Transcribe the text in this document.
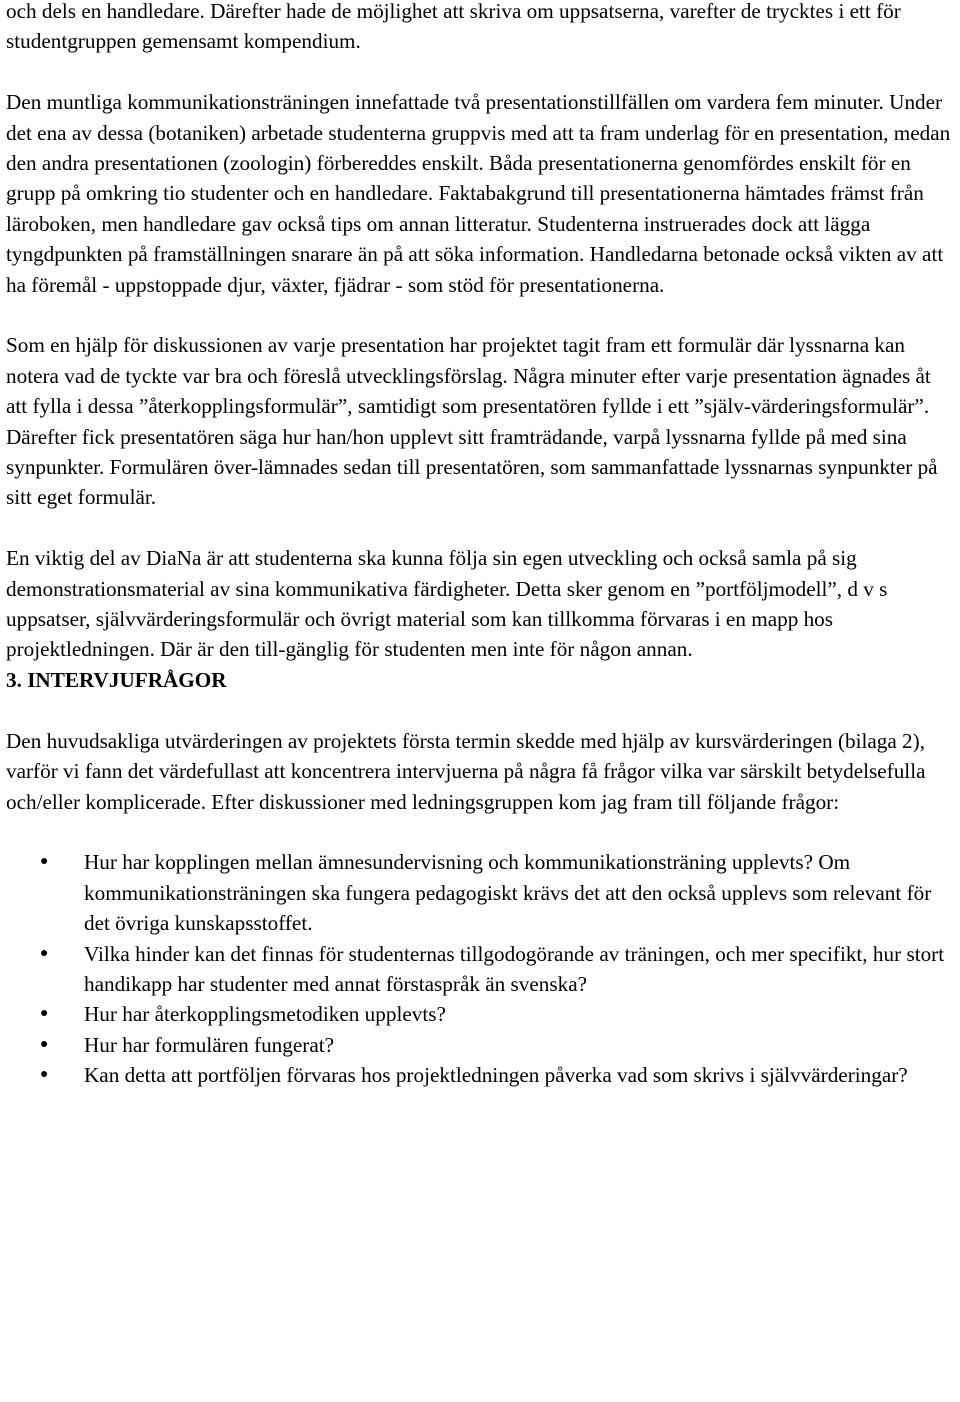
och dels en handledare. Därefter hade de möjlighet att skriva om uppsatserna, varefter de trycktes i ett för studentgruppen gemensamt kompendium.

Den muntliga kommunikationsträningen innefattade två presentationstillfällen om vardera fem minuter. Under det ena av dessa (botaniken) arbetade studenterna gruppvis med att ta fram underlag för en presentation, medan den andra presentationen (zoologin) förbereddes enskilt. Båda presentationerna genomfördes enskilt för en grupp på omkring tio studenter och en handledare. Faktabakgrund till presentationerna hämtades främst från läroboken, men handledare gav också tips om annan litteratur. Studenterna instruerades dock att lägga tyngdpunkten på framställningen snarare än på att söka information. Handledarna betonade också vikten av att ha föremål - uppstoppade djur, växter, fjädrar - som stöd för presentationerna.

Som en hjälp för diskussionen av varje presentation har projektet tagit fram ett formulär där lyssnarna kan notera vad de tyckte var bra och föreslå utvecklingsförslag. Några minuter efter varje presentation ägnades åt att fylla i dessa ”återkopplingsformulär”, samtidigt som presentatören fyllde i ett ”själv-värderingsformulär”. Därefter fick presentatören säga hur han/hon upplevt sitt framträdande, varpå lyssnarna fyllde på med sina synpunkter. Formulären över-lämnades sedan till presentatören, som sammanfattade lyssnarnas synpunkter på sitt eget formulär.

En viktig del av DiaNa är att studenterna ska kunna följa sin egen utveckling och också samla på sig demonstrationsmaterial av sina kommunikativa färdigheter. Detta sker genom en ”portföljmodell”, d v s uppsatser, självvärderingsformulär och övrigt material som kan tillkomma förvaras i en mapp hos projektledningen. Där är den till-gänglig för studenten men inte för någon annan.

3. INTERVJUFRÅGOR

Den huvudsakliga utvärderingen av projektets första termin skedde med hjälp av kursvärderingen (bilaga 2), varför vi fann det värdefullast att koncentrera intervjuerna på några få frågor vilka var särskilt betydelsefulla och/eller komplicerade. Efter diskussioner med ledningsgruppen kom jag fram till följande frågor:

● Hur har kopplingen mellan ämnesundervisning och kommunikationsträning upplevts? Om kommunikationsträningen ska fungera pedagogiskt krävs det att den också upplevs som relevant för det övriga kunskapsstoffet.
● Vilka hinder kan det finnas för studenternas tillgodogörande av träningen, och mer specifikt, hur stort handikapp har studenter med annat förstaspråk än svenska?
● Hur har återkopplingsmetodiken upplevts?
● Hur har formulären fungerat?
● Kan detta att portföljen förvaras hos projektledningen påverka vad som skrivs i självvärderingar?
